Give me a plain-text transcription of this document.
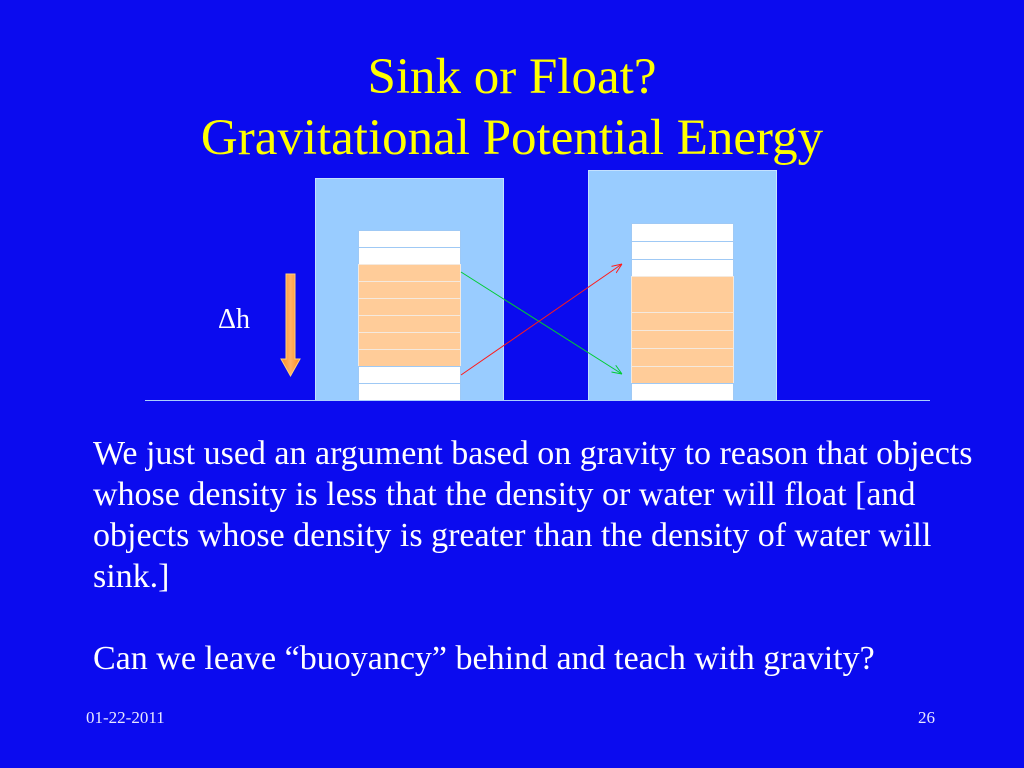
Sink or Float?
Gravitational Potential Energy
Δh

We just used an argument based on gravity to reason that objects whose density is less that the density or water will float [and objects whose density is greater than the density of water will sink.]

Can we leave “buoyancy” behind and teach with gravity?

01-22-2011	26
